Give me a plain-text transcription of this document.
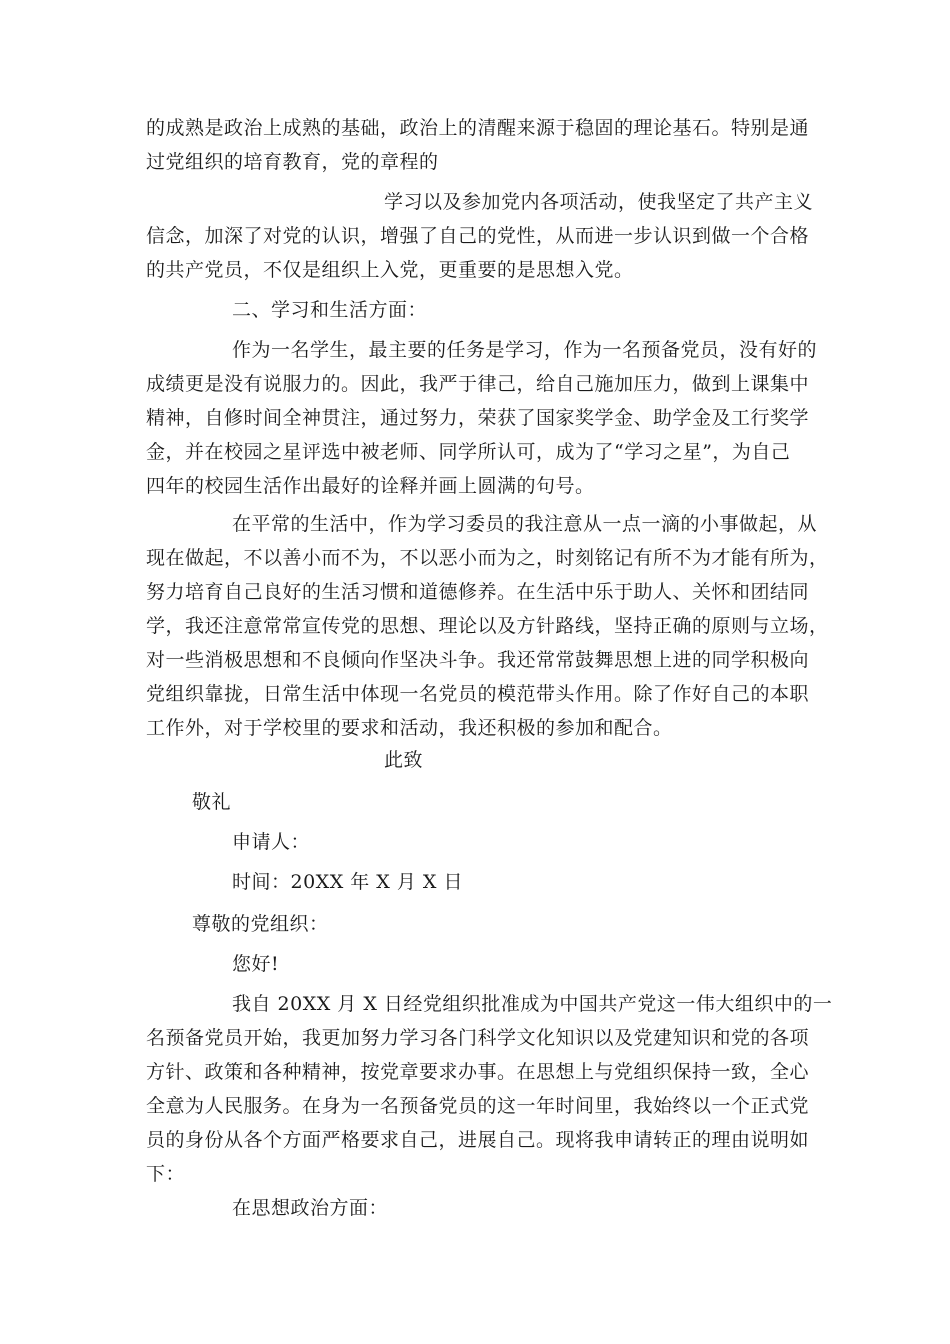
的成熟是政治上成熟的基础，政治上的清醒来源于稳固的理论基石。特别是通
过党组织的培育教育，党的章程的
学习以及参加党内各项活动，使我坚定了共产主义
信念，加深了对党的认识，增强了自己的党性，从而进一步认识到做一个合格
的共产党员，不仅是组织上入党，更重要的是思想入党。
二、学习和生活方面：
作为一名学生，最主要的任务是学习，作为一名预备党员，没有好的
成绩更是没有说服力的。因此，我严于律己，给自己施加压力，做到上课集中
精神，自修时间全神贯注，通过努力，荣获了国家奖学金、助学金及工行奖学
金，并在校园之星评选中被老师、同学所认可，成为了“学习之星”，为自己
四年的校园生活作出最好的诠释并画上圆满的句号。
在平常的生活中，作为学习委员的我注意从一点一滴的小事做起，从
现在做起，不以善小而不为，不以恶小而为之，时刻铭记有所不为才能有所为，
努力培育自己良好的生活习惯和道德修养。在生活中乐于助人、关怀和团结同
学，我还注意常常宣传党的思想、理论以及方针路线，坚持正确的原则与立场，
对一些消极思想和不良倾向作坚决斗争。我还常常鼓舞思想上进的同学积极向
党组织靠拢，日常生活中体现一名党员的模范带头作用。除了作好自己的本职
工作外，对于学校里的要求和活动，我还积极的参加和配合。
此致
敬礼
申请人：
时间：20XX 年 X 月 X 日
尊敬的党组织：
您好!
我自 20XX 月 X 日经党组织批准成为中国共产党这一伟大组织中的一
名预备党员开始，我更加努力学习各门科学文化知识以及党建知识和党的各项
方针、政策和各种精神，按党章要求办事。在思想上与党组织保持一致，全心
全意为人民服务。在身为一名预备党员的这一年时间里，我始终以一个正式党
员的身份从各个方面严格要求自己，进展自己。现将我申请转正的理由说明如
下：
在思想政治方面：
